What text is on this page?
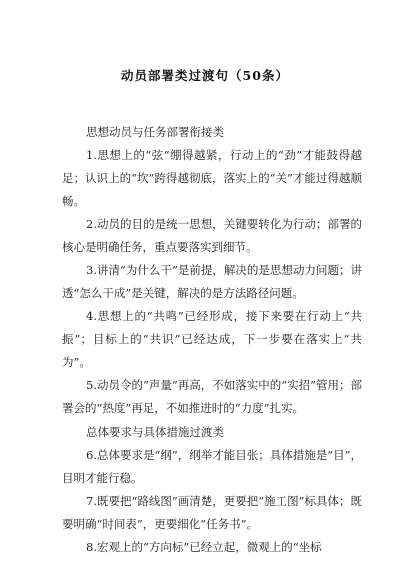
动员部署类过渡句（50条）

思想动员与任务部署衔接类

1.思想上的“弦”绷得越紧，行动上的“劲”才能鼓得越足；认识上的“坎”跨得越彻底，落实上的“关”才能过得越顺畅。

2.动员的目的是统一思想，关键要转化为行动；部署的核心是明确任务，重点要落实到细节。

3.讲清“为什么干”是前提，解决的是思想动力问题；讲透“怎么干成”是关键，解决的是方法路径问题。

4.思想上的“共鸣”已经形成，接下来要在行动上“共振”；目标上的“共识”已经达成，下一步要在落实上“共为”。

5.动员令的“声量”再高，不如落实中的“实招”管用；部署会的“热度”再足，不如推进时的“力度”扎实。

总体要求与具体措施过渡类

6.总体要求是“纲”，纲举才能目张；具体措施是“目”，目明才能行稳。

7.既要把“路线图”画清楚，更要把“施工图”标具体；既要明确“时间表”，更要细化“任务书”。

8.宏观上的“方向标”已经立起，微观上的“坐标
